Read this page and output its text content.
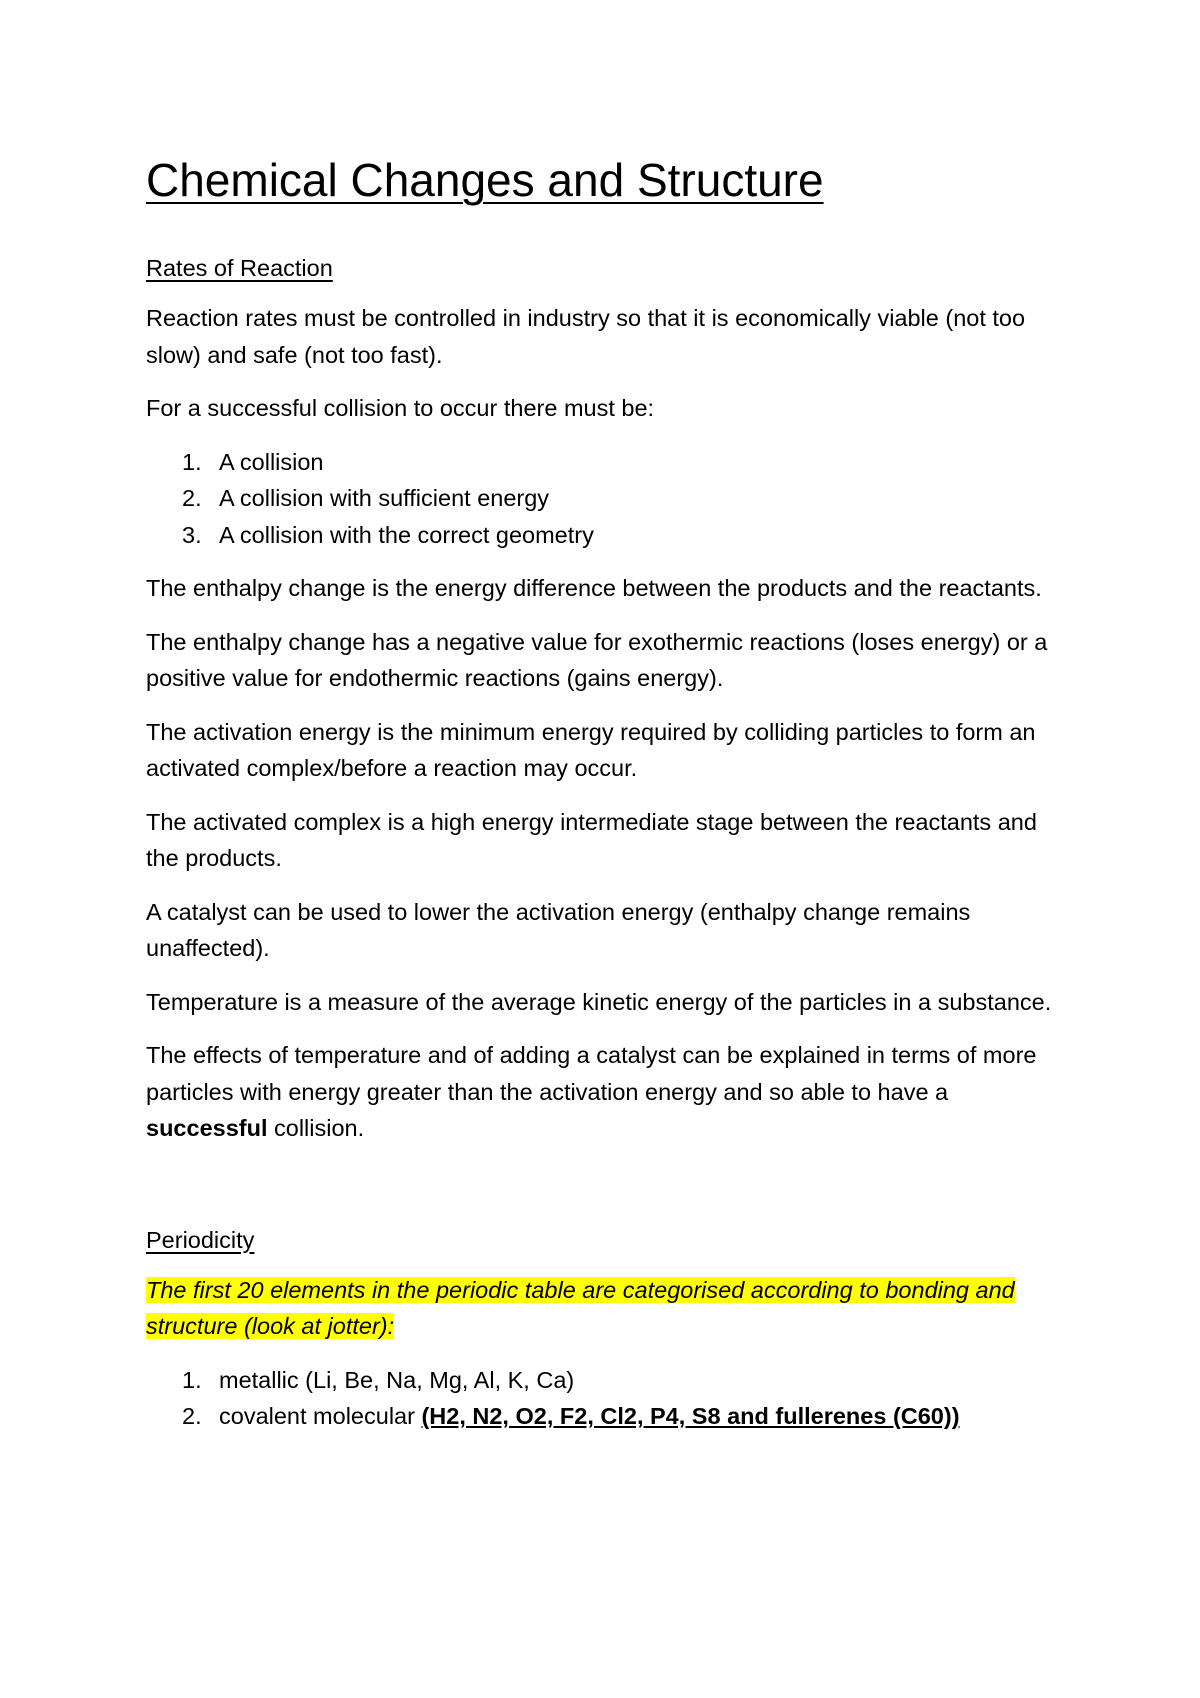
Chemical Changes and Structure
Rates of Reaction

Reaction rates must be controlled in industry so that it is economically viable (not too slow) and safe (not too fast).

For a successful collision to occur there must be:

1. A collision
2. A collision with sufficient energy
3. A collision with the correct geometry

The enthalpy change is the energy difference between the products and the reactants.

The enthalpy change has a negative value for exothermic reactions (loses energy) or a positive value for endothermic reactions (gains energy).

The activation energy is the minimum energy required by colliding particles to form an activated complex/before a reaction may occur.

The activated complex is a high energy intermediate stage between the reactants and the products.

A catalyst can be used to lower the activation energy (enthalpy change remains unaffected).

Temperature is a measure of the average kinetic energy of the particles in a substance.

The effects of temperature and of adding a catalyst can be explained in terms of more particles with energy greater than the activation energy and so able to have a successful collision.

Periodicity

The first 20 elements in the periodic table are categorised according to bonding and structure (look at jotter):

1. metallic (Li, Be, Na, Mg, Al, K, Ca)
2. covalent molecular (H2, N2, O2, F2, Cl2, P4, S8 and fullerenes (C60))
